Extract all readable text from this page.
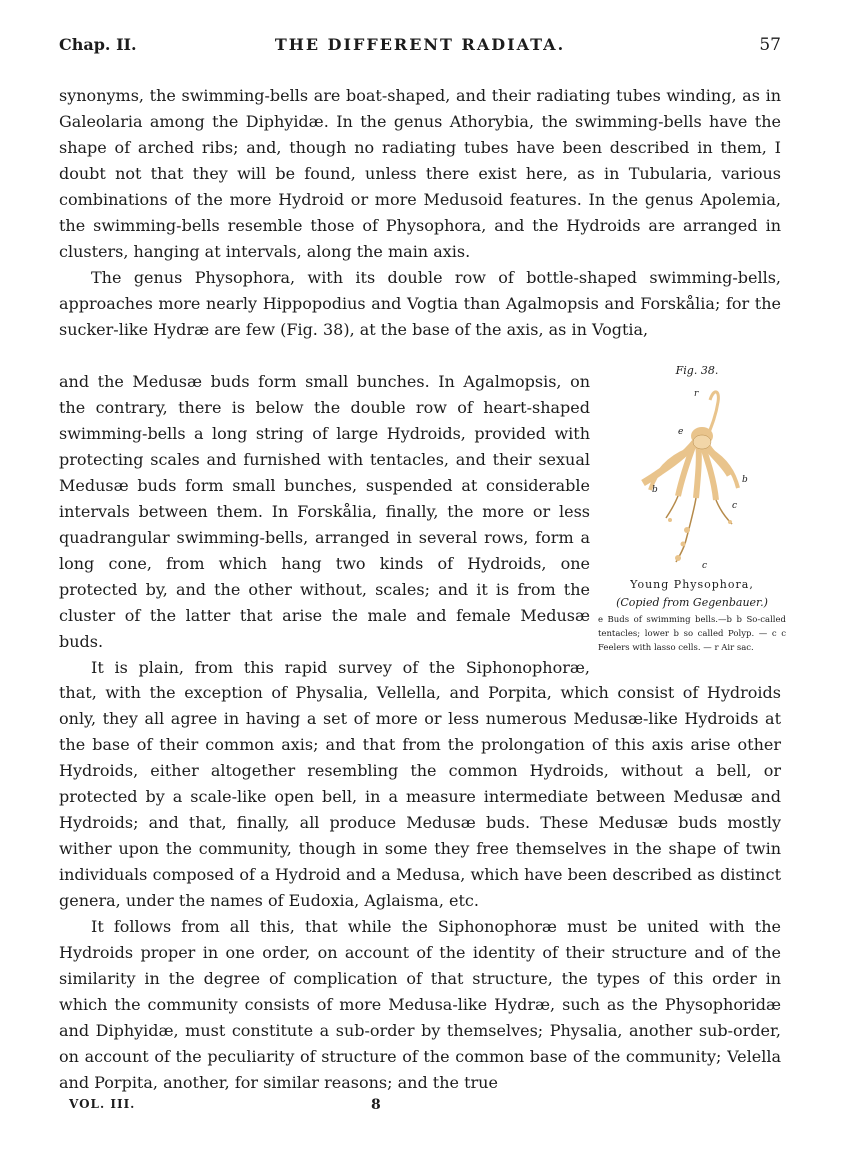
Chap. II.	THE DIFFERENT RADIATA.	57

synonyms, the swimming-bells are boat-shaped, and their radiating tubes winding, as in Galeolaria among the Diphyidæ. In the genus Athorybia, the swimming-bells have the shape of arched ribs; and, though no radiating tubes have been described in them, I doubt not that they will be found, unless there exist here, as in Tubularia, various combinations of the more Hydroid or more Medusoid features. In the genus Apolemia, the swimming-bells resemble those of Physophora, and the Hydroids are arranged in clusters, hanging at intervals, along the main axis.

The genus Physophora, with its double row of bottle-shaped swimming-bells, approaches more nearly Hippopodius and Vogtia than Agalmopsis and Forskålia; for the sucker-like Hydræ are few (Fig. 38), at the base of the axis, as in Vogtia,

and the Medusæ buds form small bunches. In Agalmopsis, on the contrary, there is below the double row of heart-shaped swimming-bells a long string of large Hydroids, provided with protecting scales and furnished with tentacles, and their sexual Medusæ buds form small bunches, suspended at considerable intervals between them. In Forskålia, finally, the more or less quadrangular swimming-bells, arranged in several rows, form a long cone, from which hang two kinds of Hydroids, one protected by, and the other without, scales; and it is from the cluster of the latter that arise the male and female Medusæ buds.

It is plain, from this rapid survey of the Siphonophoræ,

that, with the exception of Physalia, Vellella, and Porpita, which consist of Hydroids only, they all agree in having a set of more or less numerous Medusæ-like Hydroids at the base of their common axis; and that from the prolongation of this axis arise other Hydroids, either altogether resembling the common Hydroids, without a bell, or protected by a scale-like open bell, in a measure intermediate between Medusæ and Hydroids; and that, finally, all produce Medusæ buds. These Medusæ buds mostly wither upon the community, though in some they free themselves in the shape of twin individuals composed of a Hydroid and a Medusa, which have been described as distinct genera, under the names of Eudoxia, Aglaisma, etc.

It follows from all this, that while the Siphonophoræ must be united with the Hydroids proper in one order, on account of the identity of their structure and of the similarity in the degree of complication of that structure, the types of this order in which the community consists of more Medusa-like Hydræ, such as the Physophoridæ and Diphyidæ, must constitute a sub-order by themselves; Physalia, another sub-order, on account of the peculiarity of structure of the common base of the community; Velella and Porpita, another, for similar reasons; and the true

Fig. 38.
r
e
b
b
c
c
Young Physophora,
(Copied from Gegenbauer.)
e Buds of swimming bells.—b b So-called tentacles; lower b so called Polyp. — c c Feelers with lasso cells. — r Air sac.
VOL. III.	8
